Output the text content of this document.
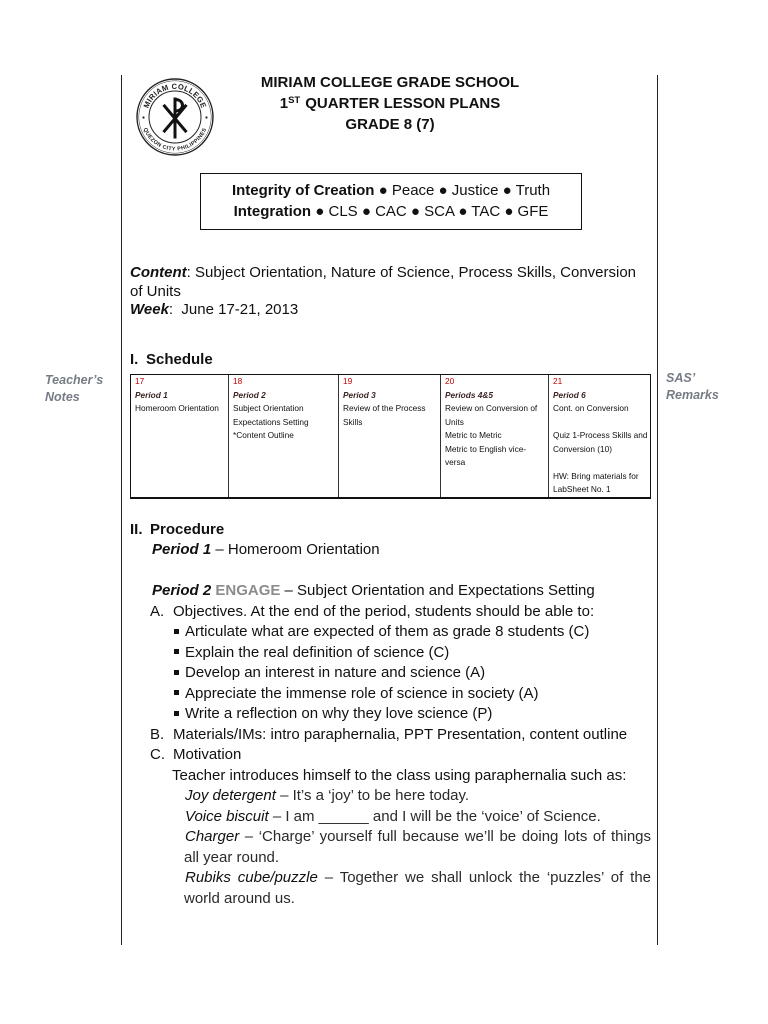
MIRIAM COLLEGE
QUEZON CITY PHILIPPINES
MIRIAM COLLEGE GRADE SCHOOL
1ST QUARTER LESSON PLANS
GRADE 8 (7)
Integrity of Creation ● Peace ● Justice ● Truth
Integration ● CLS ● CAC ● SCA ● TAC ● GFE
Content: Subject Orientation, Nature of Science, Process Skills, Conversion
of Units
Week:  June 17-21, 2013
Teacher’s
Notes
SAS’
Remarks
I. Schedule
17
Period 1
Homeroom Orientation
18
Period 2
Subject Orientation
Expectations Setting
*Content Outline
19
Period 3
Review of the Process
Skills
20
Periods 4&5
Review on Conversion of
Units
Metric to Metric
Metric to English vice-
versa
21
Period 6
Cont. on Conversion
Quiz 1-Process Skills and
Conversion (10)
HW: Bring materials for
LabSheet No. 1
II. Procedure
Period 1 – Homeroom Orientation
Period 2 ENGAGE – Subject Orientation and Expectations Setting
A. Objectives. At the end of the period, students should be able to:
Articulate what are expected of them as grade 8 students (C)
Explain the real definition of science (C)
Develop an interest in nature and science (A)
Appreciate the immense role of science in society (A)
Write a reflection on why they love science (P)
B. Materials/IMs: intro paraphernalia, PPT Presentation, content outline
C. Motivation
Teacher introduces himself to the class using paraphernalia such as:
Joy detergent – It’s a ‘joy’ to be here today.
Voice biscuit – I am ______ and I will be the ‘voice’ of Science.
Charger – ‘Charge’ yourself full because we’ll be doing lots of things
all year round.
Rubiks cube/puzzle – Together we shall unlock the ‘puzzles’ of the
world around us.
